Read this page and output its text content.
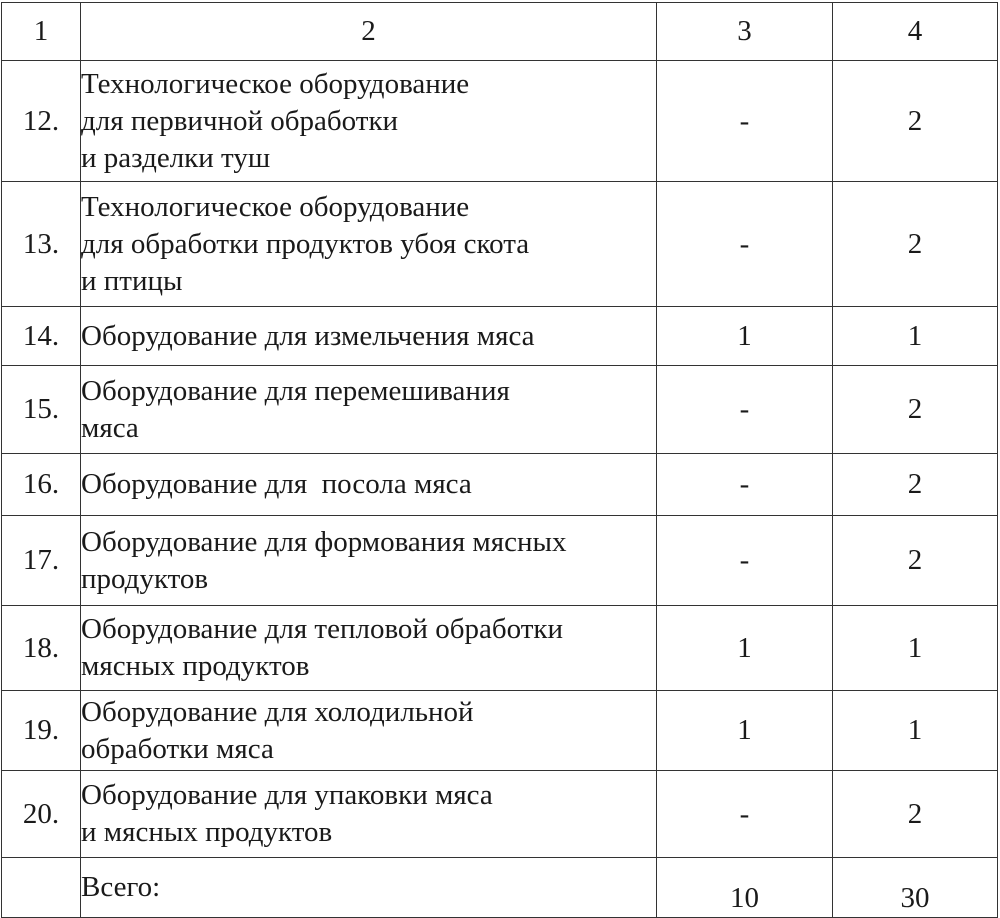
1	2	3	4
12.	Технологическое оборудование
для первичной обработки
и разделки туш	-	2
13.	Технологическое оборудование
для обработки продуктов убоя скота
и птицы	-	2
14.	Оборудование для измельчения мяса	1	1
15.	Оборудование для перемешивания
мяса	-	2
16.	Оборудование для  посола мяса	-	2
17.	Оборудование для формования мясных
продуктов	-	2
18.	Оборудование для тепловой обработки
мясных продуктов	1	1
19.	Оборудование для холодильной
обработки мяса	1	1
20.	Оборудование для упаковки мяса
и мясных продуктов	-	2
	Всего:	10	30
